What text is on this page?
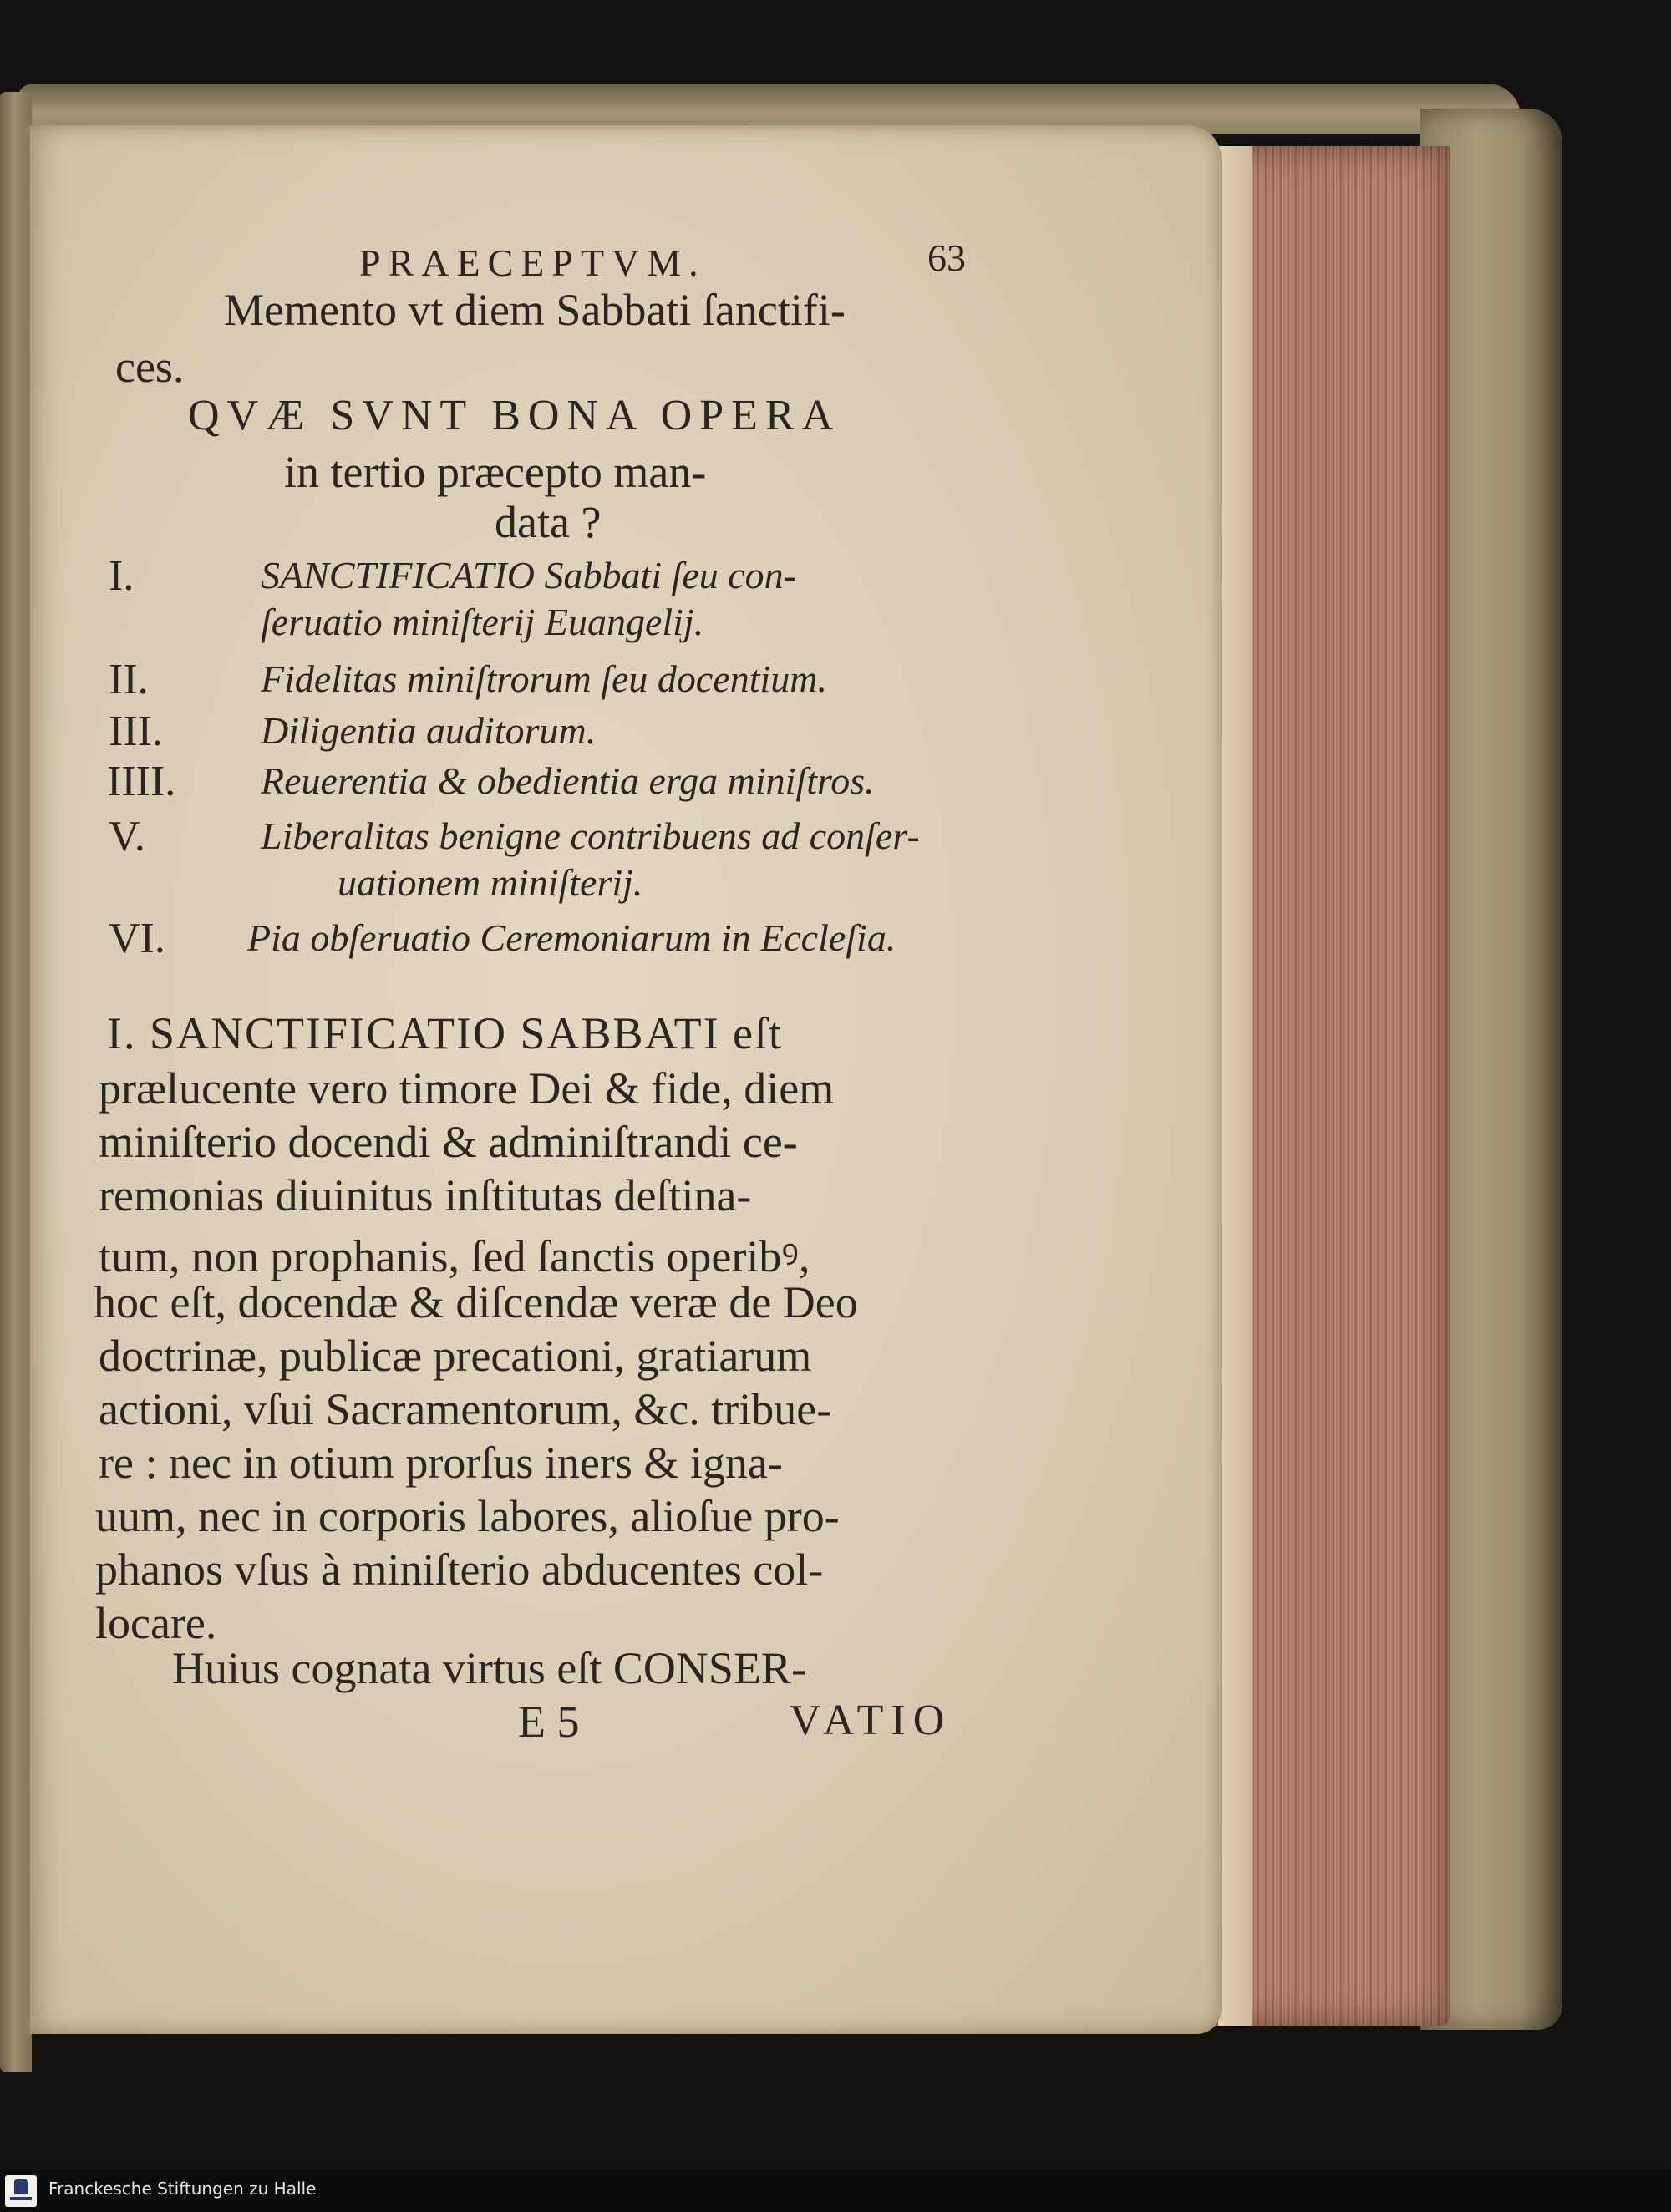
PRAECEPTVM.	63
Memento vt diem Sabbati ſanctifi-
ces.
QVÆ SVNT BONA OPERA
in tertio præcepto man-
data ?
I.	SANCTIFICATIO Sabbati ſeu con-
ſeruatio miniſterij Euangelij.
II.	Fidelitas miniſtrorum ſeu docentium.
III.	Diligentia auditorum.
IIII. Reuerentia & obedientia erga miniſtros.
V.	Liberalitas benigne contribuens ad conſer-
uationem miniſterij.
VI. Pia obſeruatio Ceremoniarum in Eccleſia.
I. SANCTIFICATIO SABBATI eſt
prælucente vero timore Dei & fide, diem
miniſterio docendi & adminiſtrandi ce-
remonias diuinitus inſtitutas deſtina-
tum, non prophanis, ſed ſanctis operibꝰ,
hoc eſt, docendæ & diſcendæ veræ de Deo
doctrinæ, publicæ precationi, gratiarum
actioni, vſui Sacramentorum, &c. tribue-
re : nec in otium prorſus iners & igna-
uum, nec in corporis labores, alioſue pro-
phanos vſus à miniſterio abducentes col-
locare.
Huius cognata virtus eſt CONSER-
E 5	VATIO
Franckesche Stiftungen zu Halle
